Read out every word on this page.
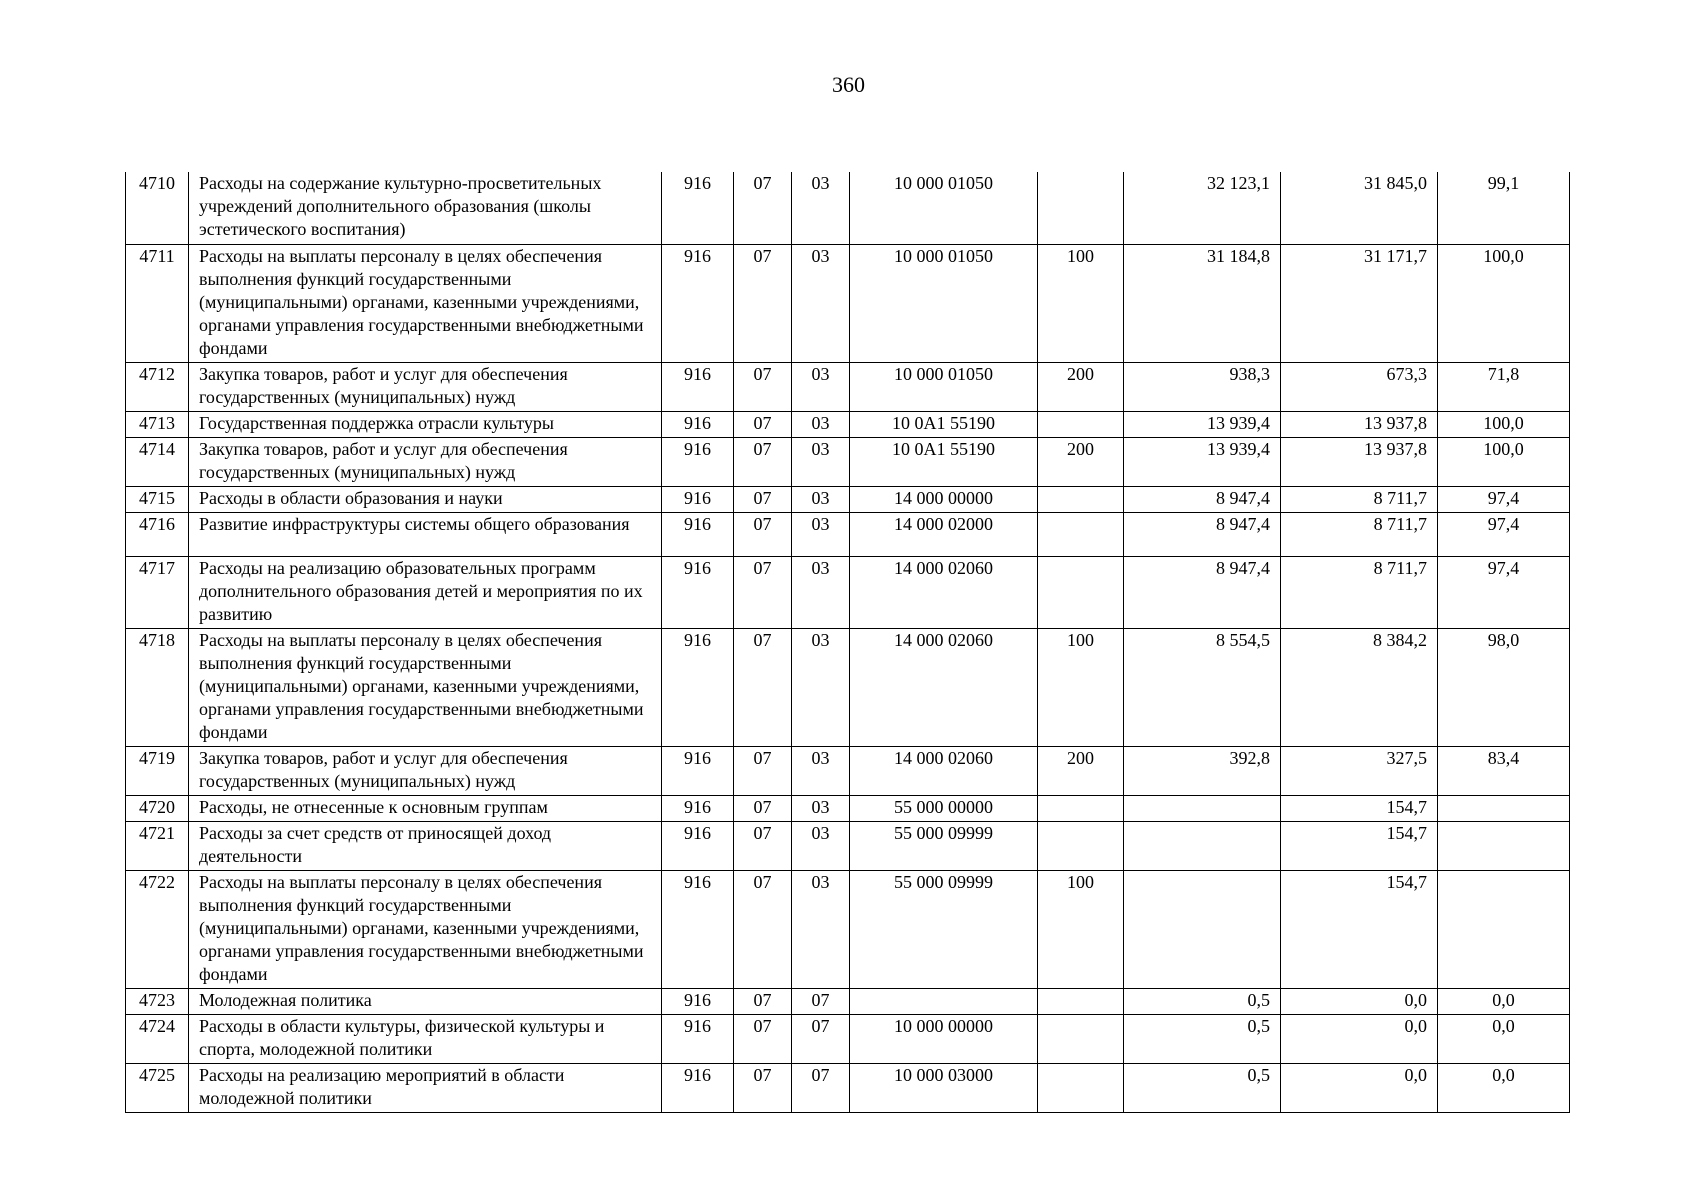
360
4710	Расходы на содержание культурно-просветительных учреждений дополнительного образования (школы эстетического воспитания)	916	07	03	10 000 01050		32 123,1	31 845,0	99,1
4711	Расходы на выплаты персоналу в целях обеспечения выполнения функций государственными (муниципальными) органами, казенными учреждениями, органами управления государственными внебюджетными фондами	916	07	03	10 000 01050	100	31 184,8	31 171,7	100,0
4712	Закупка товаров, работ и услуг для обеспечения государственных (муниципальных) нужд	916	07	03	10 000 01050	200	938,3	673,3	71,8
4713	Государственная поддержка отрасли культуры	916	07	03	10 0А1 55190		13 939,4	13 937,8	100,0
4714	Закупка товаров, работ и услуг для обеспечения государственных (муниципальных) нужд	916	07	03	10 0А1 55190	200	13 939,4	13 937,8	100,0
4715	Расходы в области образования и науки	916	07	03	14 000 00000		8 947,4	8 711,7	97,4
4716	Развитие инфраструктуры системы общего образования	916	07	03	14 000 02000		8 947,4	8 711,7	97,4
4717	Расходы на реализацию образовательных программ дополнительного образования детей и мероприятия по их развитию	916	07	03	14 000 02060		8 947,4	8 711,7	97,4
4718	Расходы на выплаты персоналу в целях обеспечения выполнения функций государственными (муниципальными) органами, казенными учреждениями, органами управления государственными внебюджетными фондами	916	07	03	14 000 02060	100	8 554,5	8 384,2	98,0
4719	Закупка товаров, работ и услуг для обеспечения государственных (муниципальных) нужд	916	07	03	14 000 02060	200	392,8	327,5	83,4
4720	Расходы, не отнесенные к основным группам	916	07	03	55 000 00000			154,7	
4721	Расходы за счет средств от приносящей доход деятельности	916	07	03	55 000 09999			154,7	
4722	Расходы на выплаты персоналу в целях обеспечения выполнения функций государственными (муниципальными) органами, казенными учреждениями, органами управления государственными внебюджетными фондами	916	07	03	55 000 09999	100		154,7	
4723	Молодежная политика	916	07	07			0,5	0,0	0,0
4724	Расходы в области культуры, физической культуры и спорта, молодежной политики	916	07	07	10 000 00000		0,5	0,0	0,0
4725	Расходы на реализацию мероприятий в области молодежной политики	916	07	07	10 000 03000		0,5	0,0	0,0
